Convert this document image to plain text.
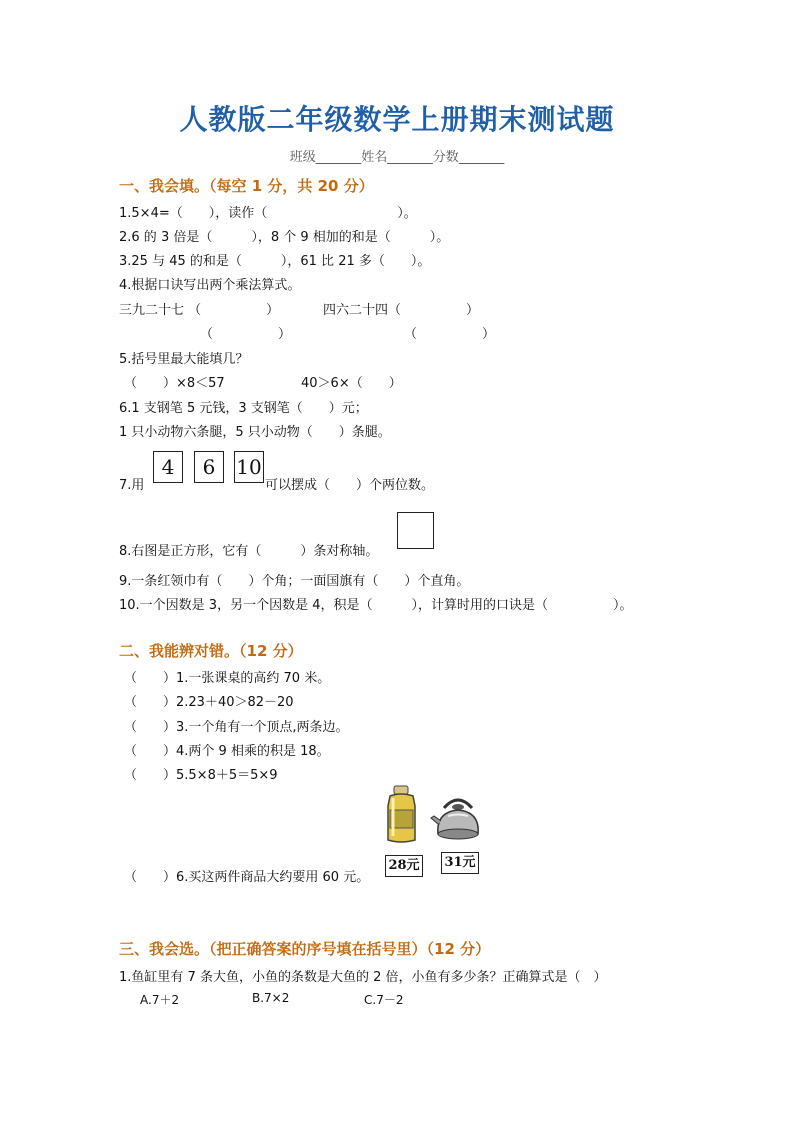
人教版二年级数学上册期末测试题
班级_______姓名_______分数_______
一、我会填。（每空 1 分，共 20 分）
1.5×4=（　　），读作（　　　　　　　　　　）。
2.6 的 3 倍是（　　　），8 个 9 相加的和是（　　　）。
3.25 与 45 的和是（　　　），61 比 21 多（　　）。
4.根据口诀写出两个乘法算式。
三九二十七 （　　　　　）	四六二十四（　　　　　）
（　　　　　）	（　　　　　）
5.括号里最大能填几？
（　　）×8＜57	40＞6×（　　）
6.1 支钢笔 5 元钱，3 支钢笔（　　）元；
1 只小动物六条腿，5 只小动物（　　）条腿。
7.用
4	6	10
可以摆成（　　）个两位数。
8.右图是正方形，它有（　　　）条对称轴。
9.一条红领巾有（　　）个角；一面国旗有（　　）个直角。
10.一个因数是 3，另一个因数是 4，积是（　　　），计算时用的口诀是（　　　　　）。
二、我能辨对错。（12 分）
（　　）1.一张课桌的高约 70 米。
（　　）2.23＋40＞82－20
（　　）3.一个角有一个顶点,两条边。
（　　）4.两个 9 相乘的积是 18。
（　　）5.5×8＋5＝5×9
28元 31元
（　　）6.买这两件商品大约要用 60 元。
三、我会选。（把正确答案的序号填在括号里）（12 分）
1.鱼缸里有 7 条大鱼，小鱼的条数是大鱼的 2 倍，小鱼有多少条？正确算式是（　）
A.7＋2	B.7×2	C.7－2
